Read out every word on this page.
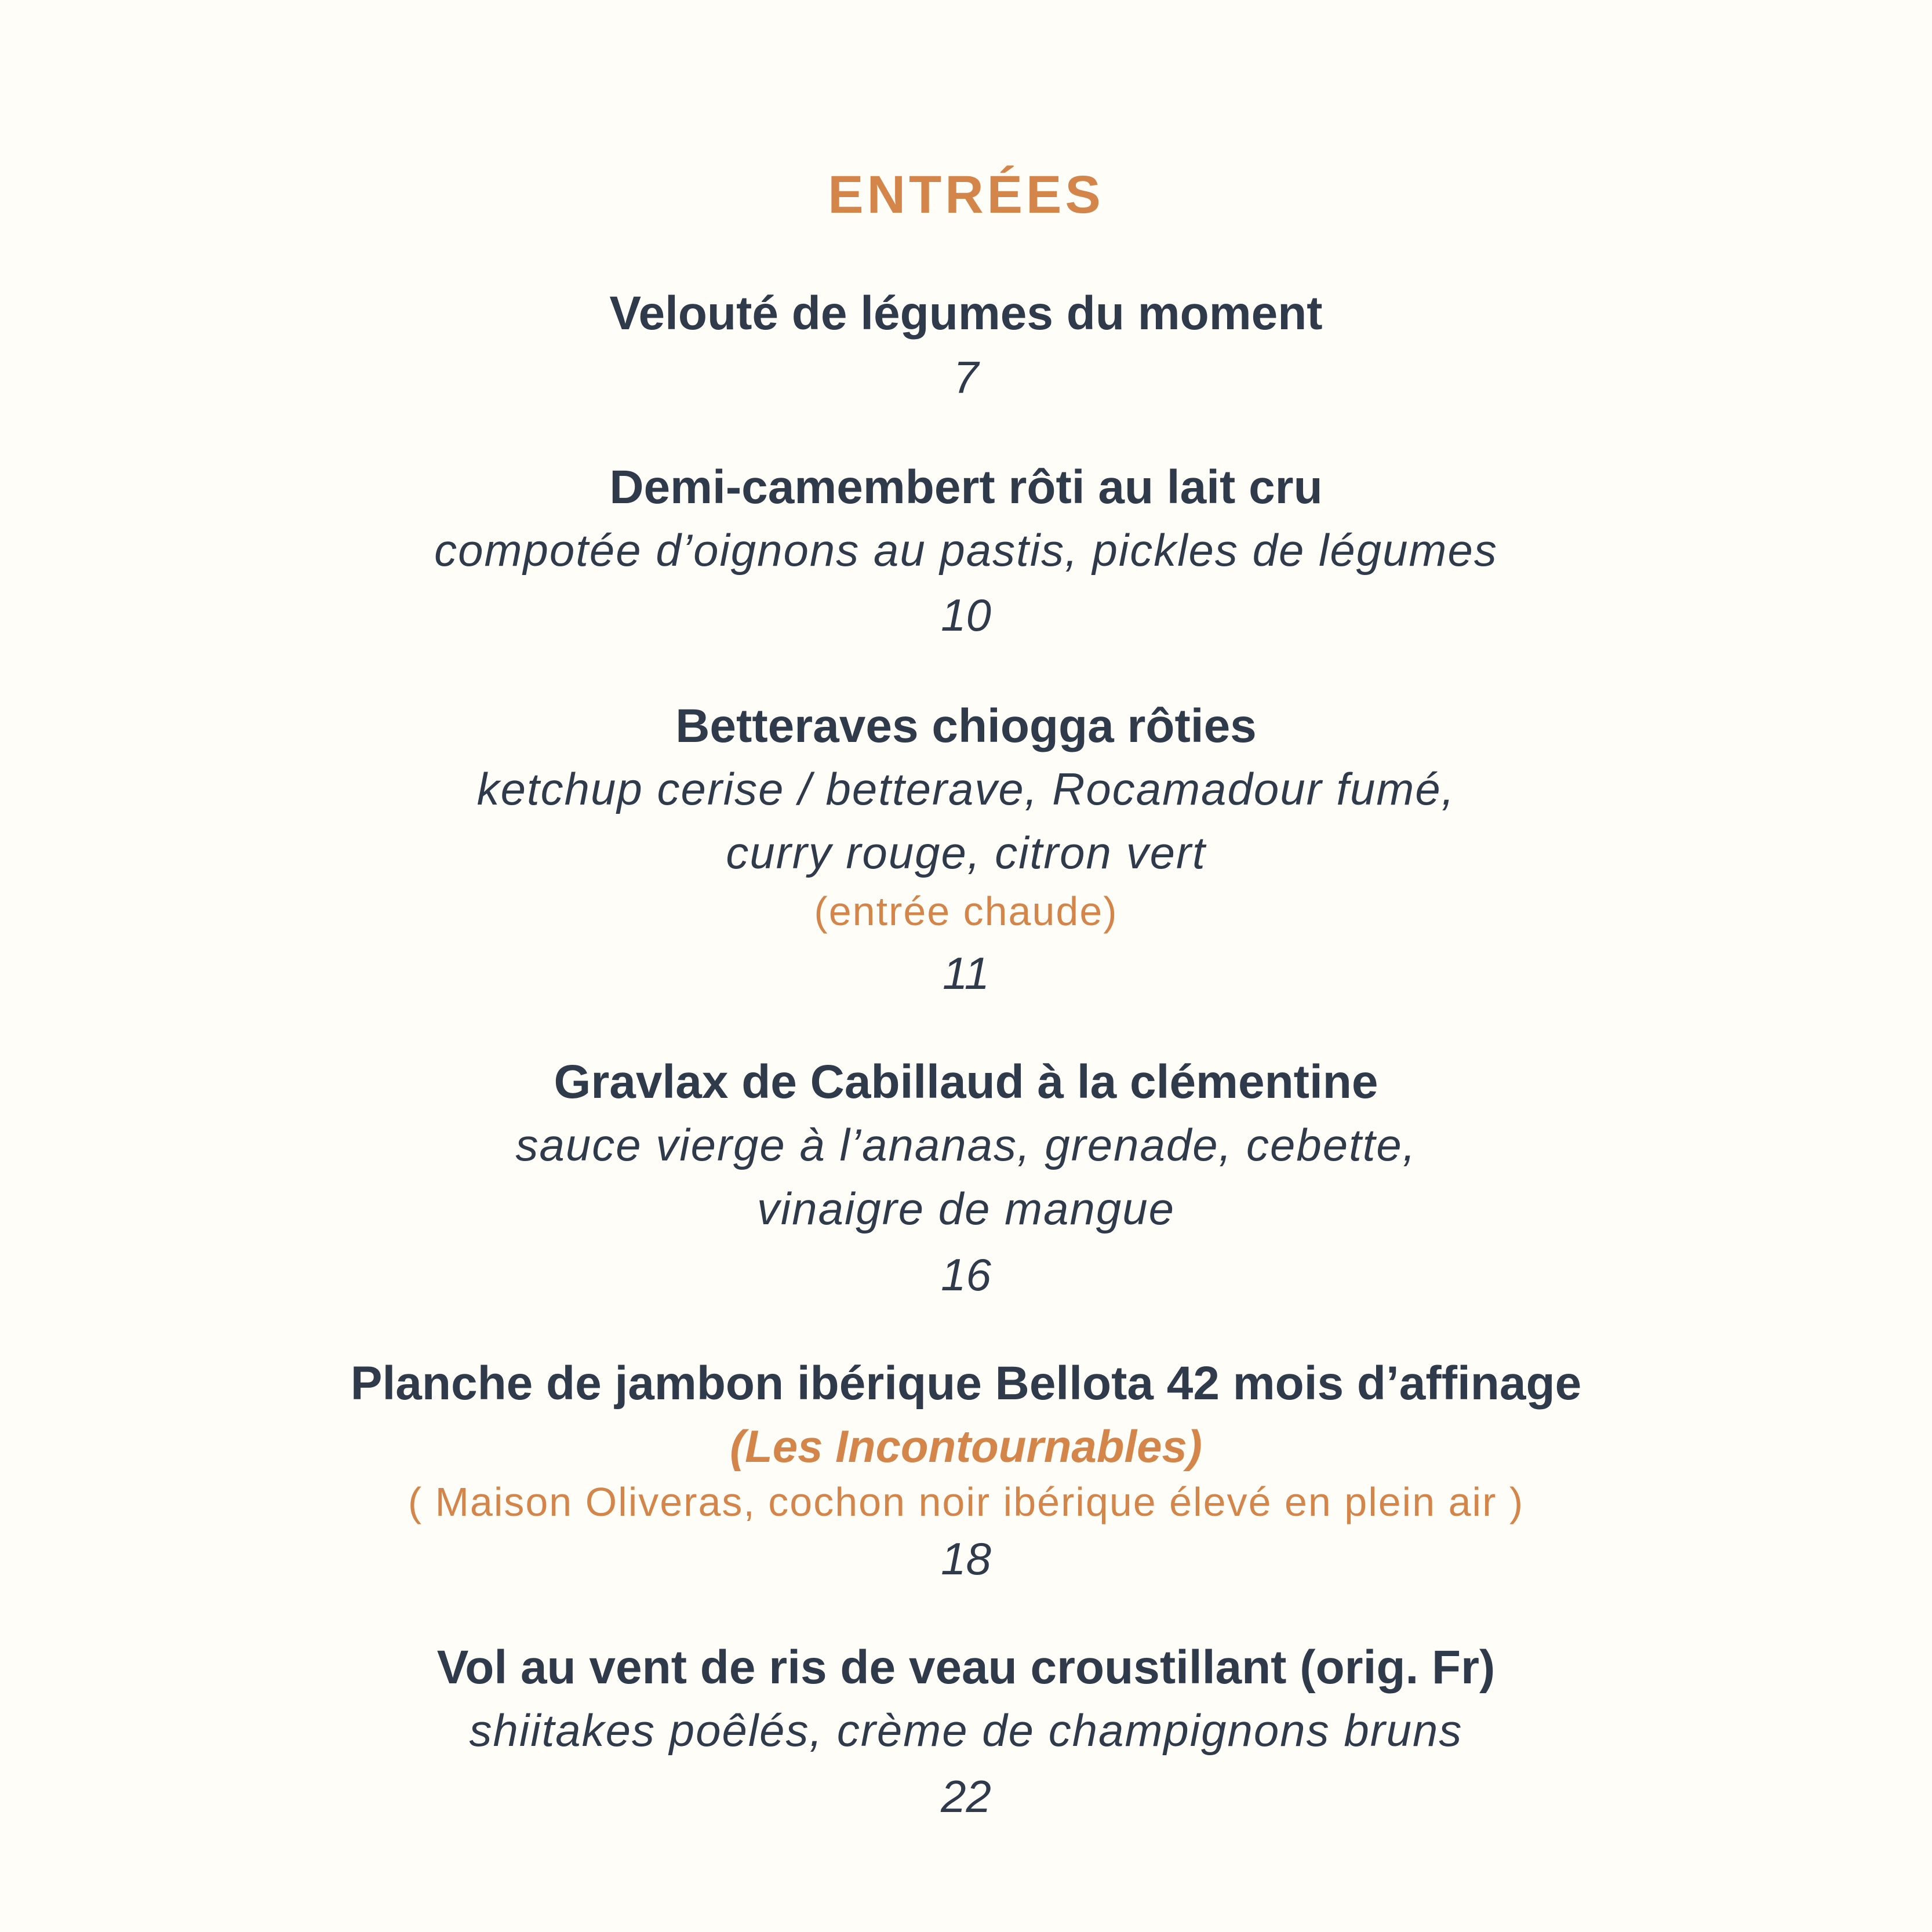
ENTRÉES
Velouté de légumes du moment
7
Demi-camembert rôti au lait cru
compotée d’oignons au pastis, pickles de légumes
10
Betteraves chiogga rôties
ketchup cerise / betterave, Rocamadour fumé,
curry rouge, citron vert
(entrée chaude)
11
Gravlax de Cabillaud à la clémentine
sauce vierge à l’ananas, grenade, cebette,
vinaigre de mangue
16
Planche de jambon ibérique Bellota 42 mois d’affinage
(Les Incontournables)
( Maison Oliveras, cochon noir ibérique élevé en plein air )
18
Vol au vent de ris de veau croustillant (orig. Fr)
shiitakes poêlés, crème de champignons bruns
22
